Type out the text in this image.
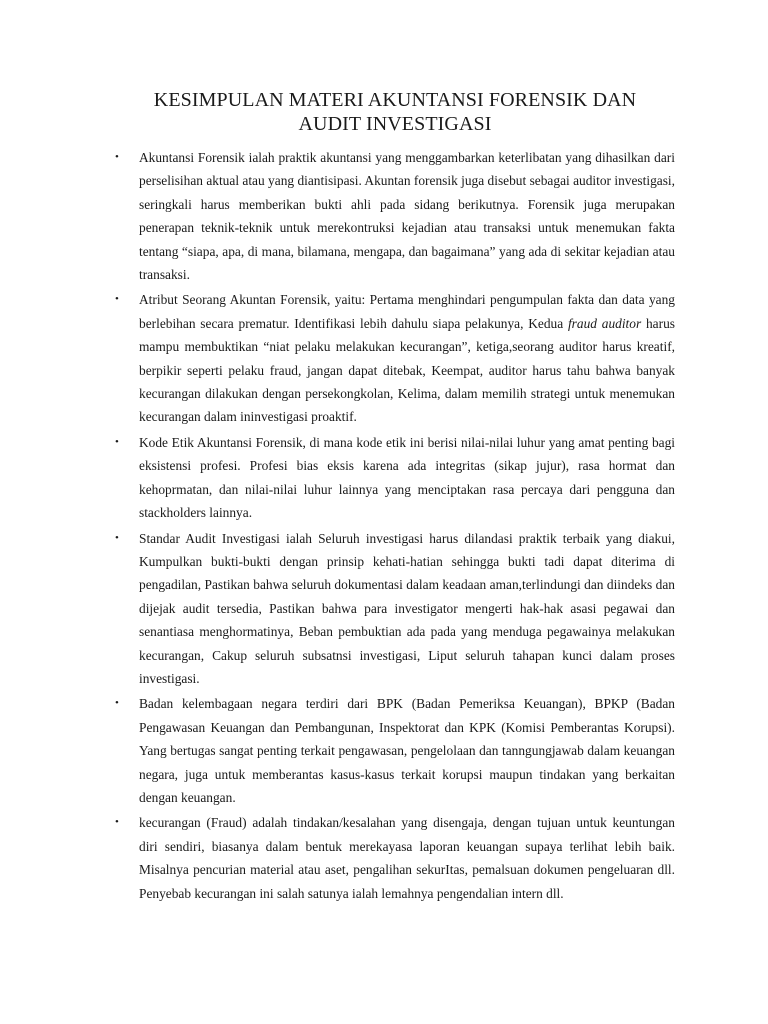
KESIMPULAN MATERI AKUNTANSI FORENSIK DAN
AUDIT INVESTIGASI
• Akuntansi Forensik ialah praktik akuntansi yang menggambarkan keterlibatan yang dihasilkan dari perselisihan aktual atau yang diantisipasi. Akuntan forensik juga disebut sebagai auditor investigasi, seringkali harus memberikan bukti ahli pada sidang berikutnya. Forensik juga merupakan penerapan teknik-teknik untuk merekontruksi kejadian atau transaksi untuk menemukan fakta tentang “siapa, apa, di mana, bilamana, mengapa, dan bagaimana” yang ada di sekitar kejadian atau transaksi.
• Atribut Seorang Akuntan Forensik, yaitu: Pertama menghindari pengumpulan fakta dan data yang berlebihan secara prematur. Identifikasi lebih dahulu siapa pelakunya, Kedua fraud auditor harus mampu membuktikan “niat pelaku melakukan kecurangan”, ketiga,seorang auditor harus kreatif, berpikir seperti pelaku fraud, jangan dapat ditebak, Keempat, auditor harus tahu bahwa banyak kecurangan dilakukan dengan persekongkolan, Kelima, dalam memilih strategi untuk menemukan kecurangan dalam ininvestigasi proaktif.
• Kode Etik Akuntansi Forensik, di mana kode etik ini berisi nilai-nilai luhur yang amat penting bagi eksistensi profesi. Profesi bias eksis karena ada integritas (sikap jujur), rasa hormat dan kehoprmatan, dan nilai-nilai luhur lainnya yang menciptakan rasa percaya dari pengguna dan stackholders lainnya.
• Standar Audit Investigasi ialah Seluruh investigasi harus dilandasi praktik terbaik yang diakui, Kumpulkan bukti-bukti dengan prinsip kehati-hatian sehingga bukti tadi dapat diterima di pengadilan, Pastikan bahwa seluruh dokumentasi dalam keadaan aman,terlindungi dan diindeks dan dijejak audit tersedia, Pastikan bahwa para investigator mengerti hak-hak asasi pegawai dan senantiasa menghormatinya, Beban pembuktian ada pada yang menduga pegawainya melakukan kecurangan, Cakup seluruh subsatnsi investigasi, Liput seluruh tahapan kunci dalam proses investigasi.
• Badan kelembagaan negara terdiri dari BPK (Badan Pemeriksa Keuangan), BPKP (Badan Pengawasan Keuangan dan Pembangunan, Inspektorat dan KPK (Komisi Pemberantas Korupsi). Yang bertugas sangat penting terkait pengawasan, pengelolaan dan tanngungjawab dalam keuangan negara, juga untuk memberantas kasus-kasus terkait korupsi maupun tindakan yang berkaitan dengan keuangan.
• kecurangan (Fraud) adalah tindakan/kesalahan yang disengaja, dengan tujuan untuk keuntungan diri sendiri, biasanya dalam bentuk merekayasa laporan keuangan supaya terlihat lebih baik. Misalnya pencurian material atau aset, pengalihan sekurItas, pemalsuan dokumen pengeluaran dll. Penyebab kecurangan ini salah satunya ialah lemahnya pengendalian intern dll.
